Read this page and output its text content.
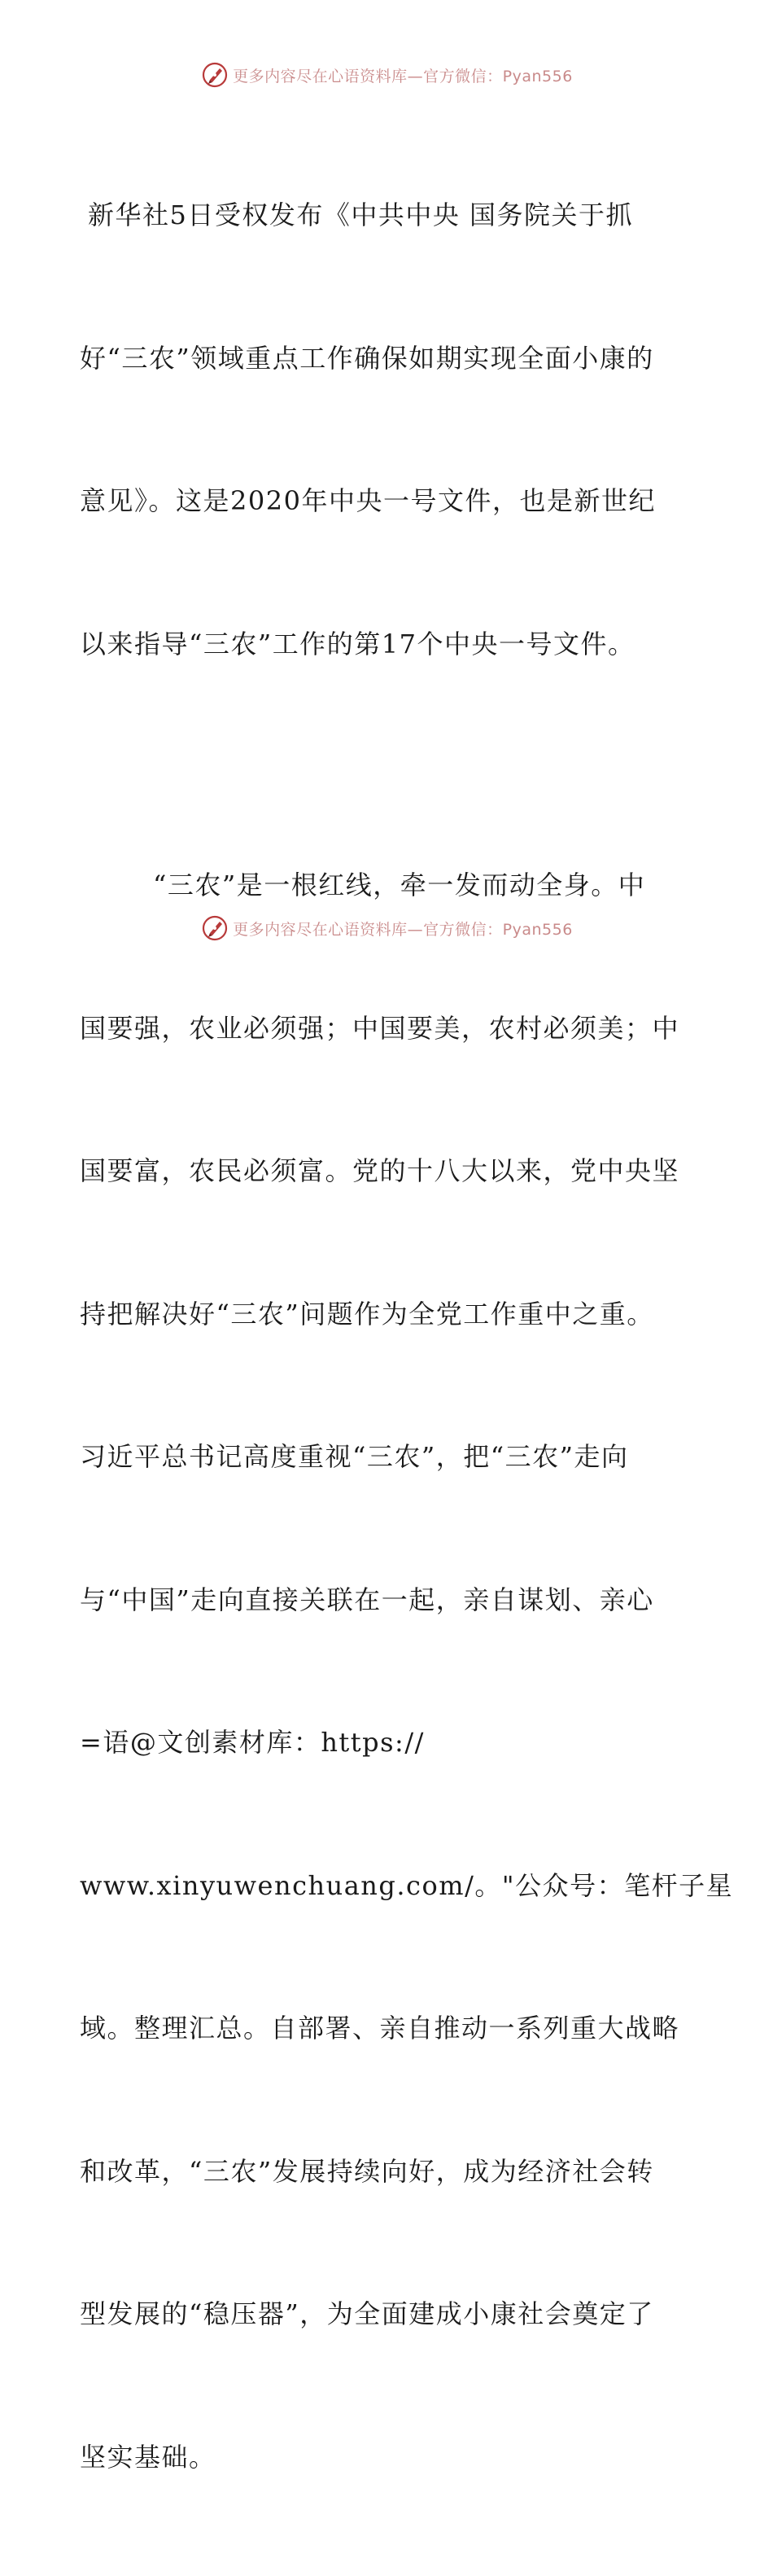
更多内容尽在心语资料库—官方微信：Pyan556

新华社5日受权发布《中共中央 国务院关于抓

好“三农”领域重点工作确保如期实现全面小康的

意见》。这是2020年中央一号文件，也是新世纪

以来指导“三农”工作的第17个中央一号文件。

“三农”是一根红线，牵一发而动全身。中

国要强，农业必须强；中国要美，农村必须美；中

国要富，农民必须富。党的十八大以来，党中央坚

持把解决好“三农”问题作为全党工作重中之重。

习近平总书记高度重视“三农”，把“三农”走向

与“中国”走向直接关联在一起，亲自谋划、亲心

=语@文创素材库：https://

www.xinyuwenchuang.com/。"公众号：笔杆子星

域。整理汇总。自部署、亲自推动一系列重大战略

和改革，“三农”发展持续向好，成为经济社会转

型发展的“稳压器”，为全面建成小康社会奠定了

坚实基础。

更多内容尽在心语资料库—官方微信：Pyan556
